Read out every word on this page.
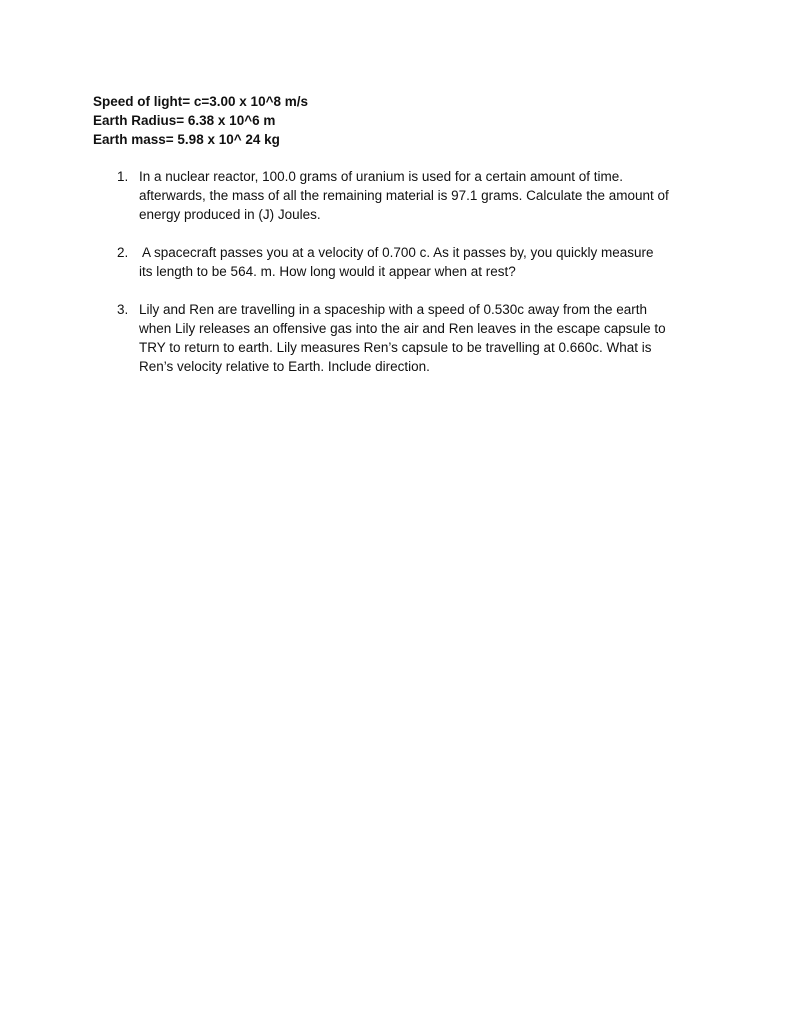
Speed of light= c=3.00 x 10^8 m/s
Earth Radius= 6.38 x 10^6 m
Earth mass= 5.98 x 10^ 24 kg
1. In a nuclear reactor, 100.0 grams of uranium is used for a certain amount of time.
afterwards, the mass of all the remaining material is 97.1 grams. Calculate the amount of
energy produced in (J) Joules.
2. A spacecraft passes you at a velocity of 0.700 c. As it passes by, you quickly measure
its length to be 564. m. How long would it appear when at rest?
3. Lily and Ren are travelling in a spaceship with a speed of 0.530c away from the earth
when Lily releases an offensive gas into the air and Ren leaves in the escape capsule to
TRY to return to earth. Lily measures Ren’s capsule to be travelling at 0.660c. What is
Ren’s velocity relative to Earth. Include direction.
